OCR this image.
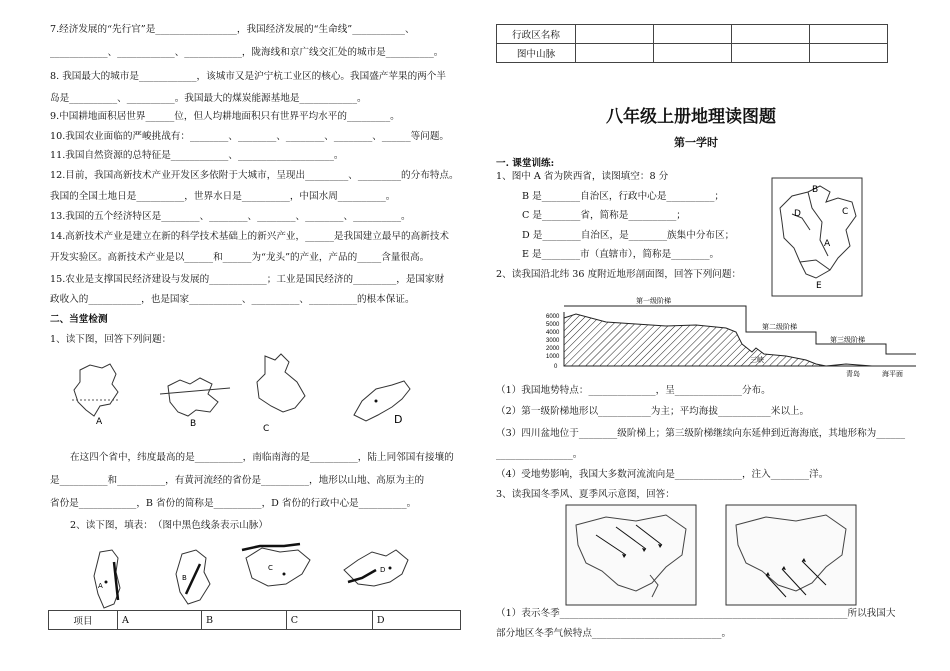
7.经济发展的“先行官”是_________________，我国经济发展的“生命线”___________、
____________、____________、____________，陇海线和京广线交汇处的城市是__________。
8. 我国最大的城市是____________，该城市又是沪宁杭工业区的核心。我国盛产苹果的两个半
岛是__________、__________。我国最大的煤炭能源基地是____________。
9.中国耕地面积居世界______位，但人均耕地面积只有世界平均水平的_________。
10.我国农业面临的严峻挑战有：________、________、________、________、______等问题。
11.我国自然资源的总特征是____________、____________________。
12.目前，我国高新技术产业开发区多依附于大城市，呈现出_________、_________的分布特点。
我国的全国土地日是__________，世界水日是__________，中国水周__________。
13.我国的五个经济特区是________、________、________、________、__________。
14.高新技术产业是建立在新的科学技术基础上的新兴产业，______是我国建立最早的高新技术
开发实验区。高新技术产业是以______和______为“龙头”的产业，产品的_____含量很高。
15.农业是支撑国民经济建设与发展的____________；工业是国民经济的_________，是国家财
政收入的___________，也是国家___________、__________、__________的根本保证。
二、当堂检测
1、读下图，回答下列问题：
A	B	C
D
在这四个省中，纬度最高的是__________，南临南海的是__________，陆上同邻国有接壤的
是__________和__________，有黄河流经的省份是__________，地形以山地、高原为主的
省份是____________，B 省份的简称是__________，D 省份的行政中心是__________。
2、读下图，填表：　（图中黑色线条表示山脉）
A
B
C	D
项目	A	B	C	D
行政区名称				
图中山脉				
八年级上册地理读图题
第一学时
一. 课堂训练:
1、图中 A 省为陕西省，读图填空：8 分
B 是________自治区，行政中心是__________；
C 是________省，简称是__________；
D 是________自治区，是________族集中分布区；
E 是________市（直辖市），简称是________。
B
C
D
A
E
2、读我国沿北纬 36 度附近地形剖面图，回答下列问题：
6000
5000
4000
3000
2000
1000
0
第一级阶梯
第二级阶梯
第三级阶梯
三峡
青岛	海平面
（1）我国地势特点：______________，呈______________分布。
（2）第一级阶梯地形以___________为主；平均海拔___________米以上。
（3）四川盆地位于________级阶梯上；第三级阶梯继续向东延伸到近海海底，其地形称为______
________________。
（4）受地势影响，我国大多数河流流向是______________，注入________洋。
3、读我国冬季风、夏季风示意图，回答：
（1）表示冬季____________________________________________________________所以我国大
部分地区冬季气候特点___________________________。
